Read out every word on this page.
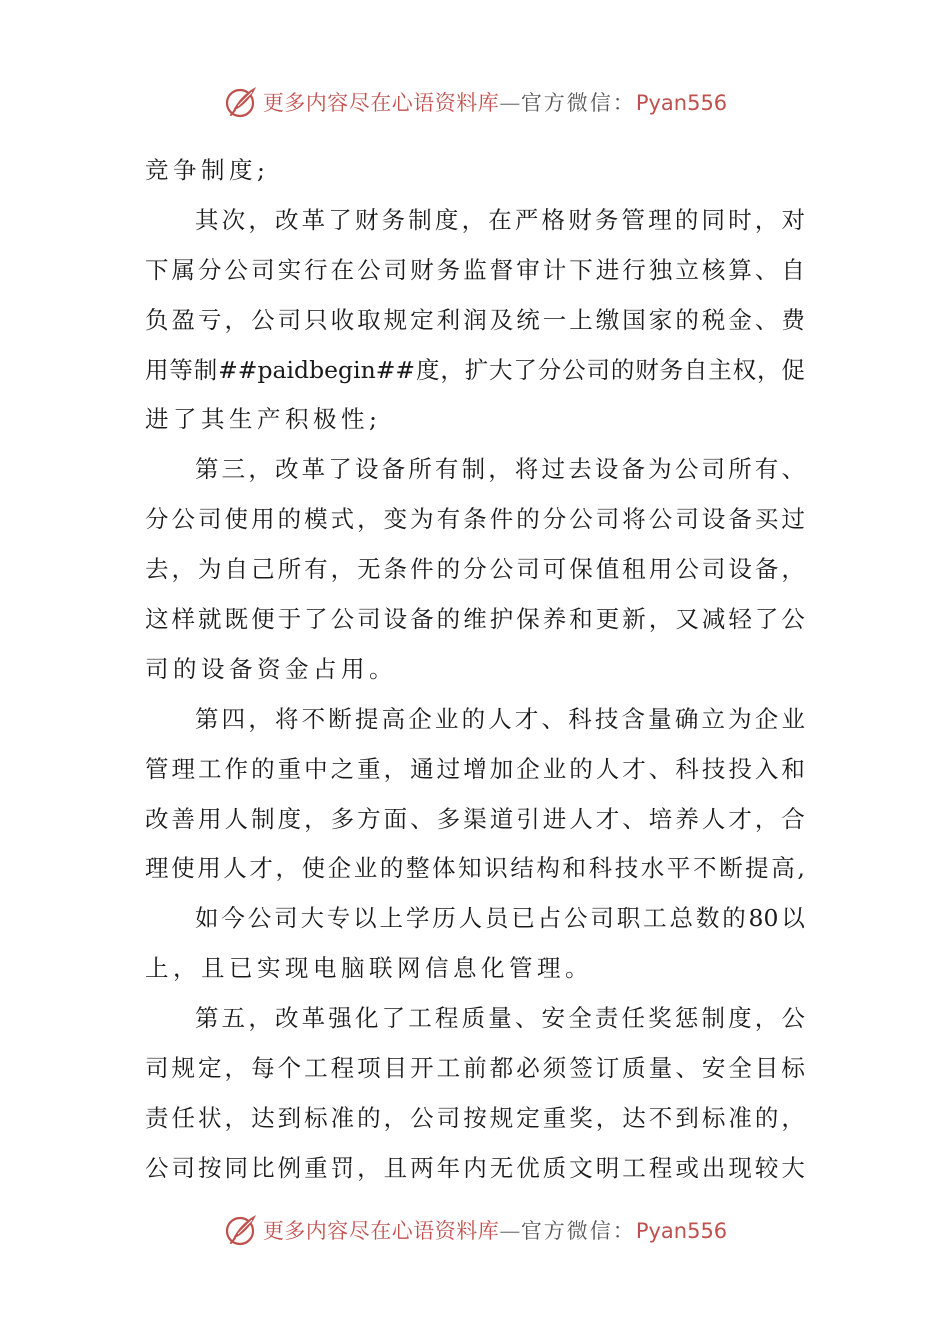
更多内容尽在心语资料库—官方微信：Pyan556
竞争制度;
其 次 ， 改 革 了 财 务 制 度 ， 在 严 格 财 务 管 理 的 同 时 ， 对
下 属 分 公 司 实 行 在 公 司 财 务 监 督 审 计 下 进 行 独 立 核 算 、 自
负 盈 亏 ， 公 司 只 收 取 规 定 利 润 及 统 一 上 缴 国 家 的 税 金 、 费
用 等 制 ##paidbegin## 度 ， 扩 大 了 分 公 司 的 财 务 自 主 权 ， 促
进了其生产积极性;
第 三 ， 改 革 了 设 备 所 有 制 ， 将 过 去 设 备 为 公 司 所 有 、
分 公 司 使 用 的 模 式 ， 变 为 有 条 件 的 分 公 司 将 公 司 设 备 买 过
去 ， 为 自 己 所 有 ， 无 条 件 的 分 公 司 可 保 值 租 用 公 司 设 备 ，
这 样 就 既 便 于 了 公 司 设 备 的 维 护 保 养 和 更 新 ， 又 减 轻 了 公
司的设备资金占用。
第 四 ， 将 不 断 提 高 企 业 的 人 才 、 科 技 含 量 确 立 为 企 业
管 理 工 作 的 重 中 之 重 ， 通 过 增 加 企 业 的 人 才 、 科 技 投 入 和
改 善 用 人 制 度 ， 多 方 面 、 多 渠 道 引 进 人 才 、 培 养 人 才 ， 合
理 使 用 人 才 ， 使 企 业 的 整 体 知 识 结 构 和 科 技 水 平 不 断 提 高 ,
如 今 公 司 大 专 以 上 学 历 人 员 已 占 公 司 职 工 总 数 的 80 以
上，且已实现电脑联网信息化管理。
第 五 ， 改 革 强 化 了 工 程 质 量 、 安 全 责 任 奖 惩 制 度 ， 公
司 规 定 ， 每 个 工 程 项 目 开 工 前 都 必 须 签 订 质 量 、 安 全 目 标
责 任 状 ， 达 到 标 准 的 ， 公 司 按 规 定 重 奖 ， 达 不 到 标 准 的 ，
公 司 按 同 比 例 重 罚 ， 且 两 年 内 无 优 质 文 明 工 程 或 出 现 较 大
更多内容尽在心语资料库—官方微信：Pyan556
